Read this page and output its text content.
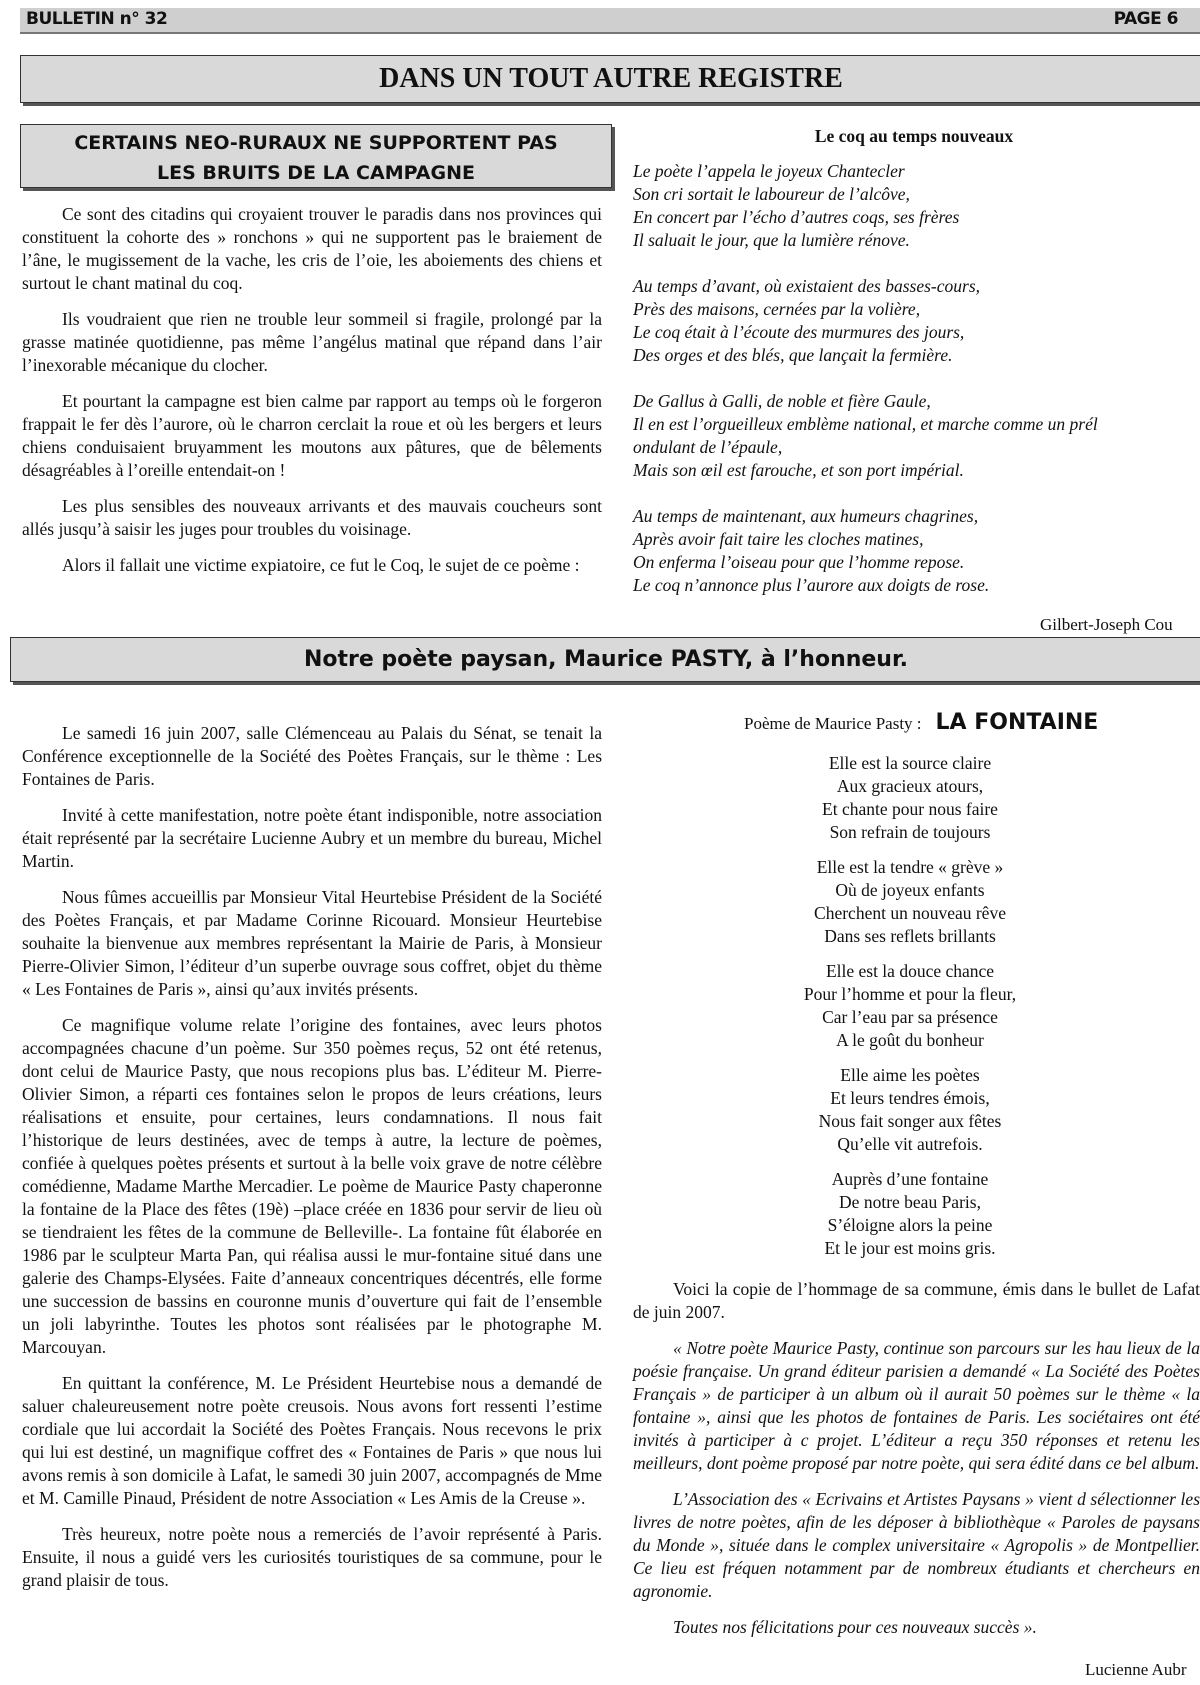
BULLETIN n° 32	PAGE 6
DANS UN TOUT AUTRE REGISTRE
CERTAINS NEO-RURAUX NE SUPPORTENT PAS
LES BRUITS DE LA CAMPAGNE

Ce sont des citadins qui croyaient trouver le paradis dans nos provinces qui constituent la cohorte des » ronchons » qui ne supportent pas le braiement de l’âne, le mugissement de la vache, les cris de l’oie, les aboiements des chiens et surtout le chant matinal du coq.

Ils voudraient que rien ne trouble leur sommeil si fragile, prolongé par la grasse matinée quotidienne, pas même l’angélus matinal que répand dans l’air l’inexorable mécanique du clocher.

Et pourtant la campagne est bien calme par rapport au temps où le forgeron frappait le fer dès l’aurore, où le charron cerclait la roue et où les bergers et leurs chiens conduisaient bruyamment les moutons aux pâtures, que de bêlements désagréables à l’oreille entendait-on !

Les plus sensibles des nouveaux arrivants et des mauvais coucheurs sont allés jusqu’à saisir les juges pour troubles du voisinage.

Alors il fallait une victime expiatoire, ce fut le Coq, le sujet de ce poème :

Le coq au temps nouveaux
Le poète l’appela le joyeux Chantecler
Son cri sortait le laboureur de l’alcôve,
En concert par l’écho d’autres coqs, ses frères
Il saluait le jour, que la lumière rénove.
Au temps d’avant, où existaient des basses-cours,
Près des maisons, cernées par la volière,
Le coq était à l’écoute des murmures des jours,
Des orges et des blés, que lançait la fermière.
De Gallus à Galli, de noble et fière Gaule,
Il en est l’orgueilleux emblème national, et marche comme un prél
ondulant de l’épaule,
Mais son œil est farouche, et son port impérial.
Au temps de maintenant, aux humeurs chagrines,
Après avoir fait taire les cloches matines,
On enferma l’oiseau pour que l’homme repose.
Le coq n’annonce plus l’aurore aux doigts de rose.
Gilbert-Joseph Cou
Notre poète paysan, Maurice PASTY, à l’honneur.

Le samedi 16 juin 2007, salle Clémenceau au Palais du Sénat, se tenait la Conférence exceptionnelle de la Société des Poètes Français, sur le thème : Les Fontaines de Paris.

Invité à cette manifestation, notre poète étant indisponible, notre association était représenté par la secrétaire Lucienne Aubry et un membre du bureau, Michel Martin.

Nous fûmes accueillis par Monsieur Vital Heurtebise Président de la Société des Poètes Français, et par Madame Corinne Ricouard. Monsieur Heurtebise souhaite la bienvenue aux membres représentant la Mairie de Paris, à Monsieur Pierre-Olivier Simon, l’éditeur d’un superbe ouvrage sous coffret, objet du thème « Les Fontaines de Paris », ainsi qu’aux invités présents.

Ce magnifique volume relate l’origine des fontaines, avec leurs photos accompagnées chacune d’un poème. Sur 350 poèmes reçus, 52 ont été retenus, dont celui de Maurice Pasty, que nous recopions plus bas. L’éditeur M. Pierre-Olivier Simon, a réparti ces fontaines selon le propos de leurs créations, leurs réalisations et ensuite, pour certaines, leurs condamnations. Il nous fait l’historique de leurs destinées, avec de temps à autre, la lecture de poèmes, confiée à quelques poètes présents et surtout à la belle voix grave de notre célèbre comédienne, Madame Marthe Mercadier. Le poème de Maurice Pasty chaperonne la fontaine de la Place des fêtes (19è) –place créée en 1836 pour servir de lieu où se tiendraient les fêtes de la commune de Belleville-. La fontaine fût élaborée en 1986 par le sculpteur Marta Pan, qui réalisa aussi le mur-fontaine situé dans une galerie des Champs-Elysées. Faite d’anneaux concentriques décentrés, elle forme une succession de bassins en couronne munis d’ouverture qui fait de l’ensemble un joli labyrinthe. Toutes les photos sont réalisées par le photographe M. Marcouyan.

En quittant la conférence, M. Le Président Heurtebise nous a demandé de saluer chaleureusement notre poète creusois. Nous avons fort ressenti l’estime cordiale que lui accordait la Société des Poètes Français. Nous recevons le prix qui lui est destiné, un magnifique coffret des « Fontaines de Paris » que nous lui avons remis à son domicile à Lafat, le samedi 30 juin 2007, accompagnés de Mme et M. Camille Pinaud, Président de notre Association « Les Amis de la Creuse ».

Très heureux, notre poète nous a remerciés de l’avoir représenté à Paris. Ensuite, il nous a guidé vers les curiosités touristiques de sa commune, pour le grand plaisir de tous.

Poème de Maurice Pasty : LA FONTAINE
Elle est la source claire
Aux gracieux atours,
Et chante pour nous faire
Son refrain de toujours
Elle est la tendre « grève »
Où de joyeux enfants
Cherchent un nouveau rêve
Dans ses reflets brillants
Elle est la douce chance
Pour l’homme et pour la fleur,
Car l’eau par sa présence
A le goût du bonheur
Elle aime les poètes
Et leurs tendres émois,
Nous fait songer aux fêtes
Qu’elle vit autrefois.
Auprès d’une fontaine
De notre beau Paris,
S’éloigne alors la peine
Et le jour est moins gris.

Voici la copie de l’hommage de sa commune, émis dans le bullet de Lafat de juin 2007.

« Notre poète Maurice Pasty, continue son parcours sur les hau lieux de la poésie française. Un grand éditeur parisien a demandé « La Société des Poètes Français » de participer à un album où il aurait 50 poèmes sur le thème « la fontaine », ainsi que les photos de fontaines de Paris. Les sociétaires ont été invités à participer à c projet. L’éditeur a reçu 350 réponses et retenu les meilleurs, dont poème proposé par notre poète, qui sera édité dans ce bel album.

L’Association des « Ecrivains et Artistes Paysans » vient d sélectionner les livres de notre poètes, afin de les déposer à bibliothèque « Paroles de paysans du Monde », située dans le complex universitaire « Agropolis » de Montpellier. Ce lieu est fréquen notamment par de nombreux étudiants et chercheurs en agronomie.

Toutes nos félicitations pour ces nouveaux succès ».

Lucienne Aubr
